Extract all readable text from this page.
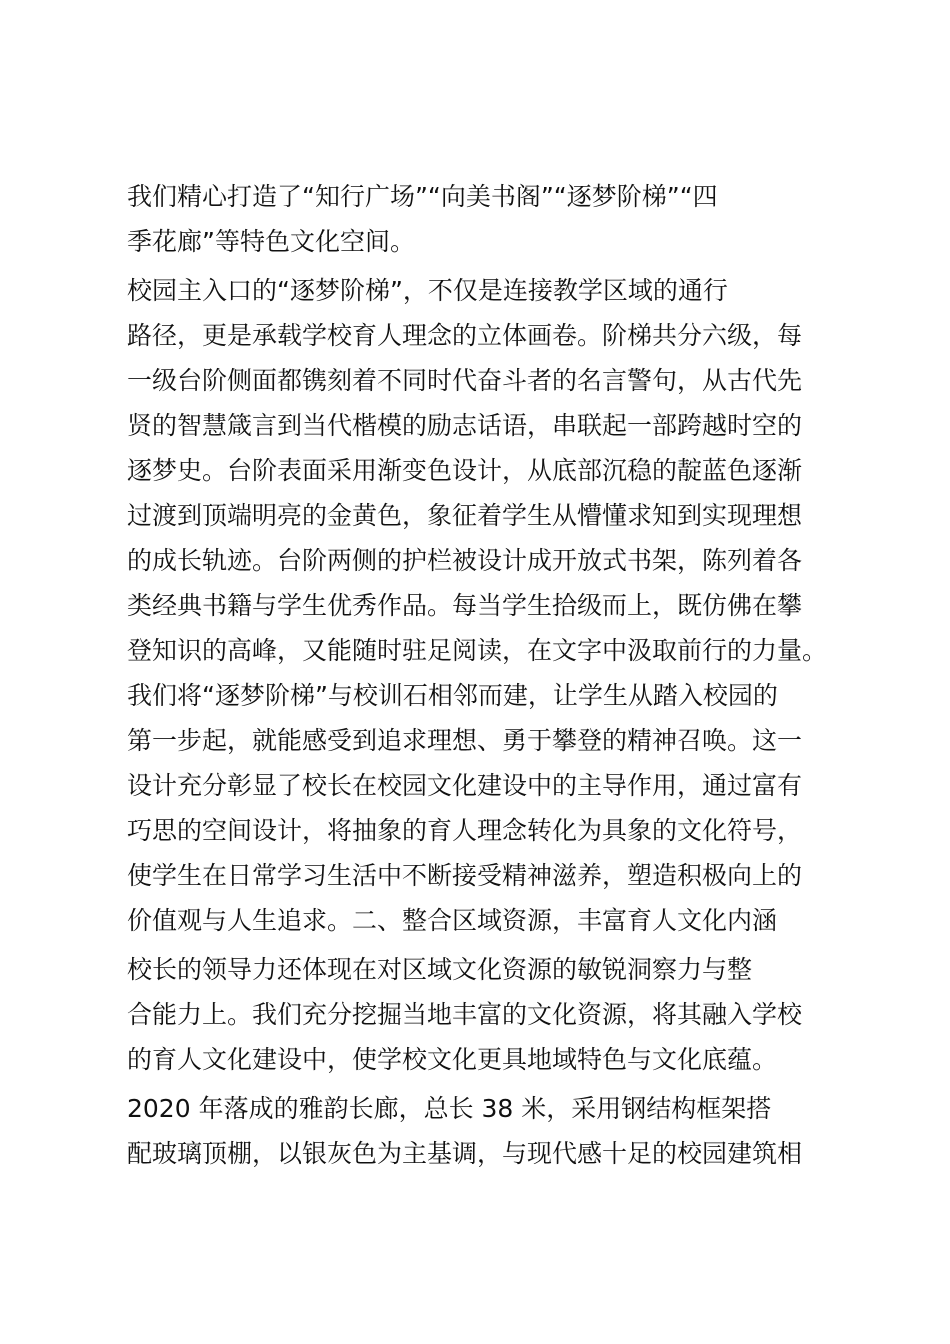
我们精心打造了“知行广场”“向美书阁”“逐梦阶梯”“四
季花廊”等特色文化空间。
校园主入口的“逐梦阶梯”，不仅是连接教学区域的通行
路径，更是承载学校育人理念的立体画卷。阶梯共分六级，每
一级台阶侧面都镌刻着不同时代奋斗者的名言警句，从古代先
贤的智慧箴言到当代楷模的励志话语，串联起一部跨越时空的
逐梦史。台阶表面采用渐变色设计，从底部沉稳的靛蓝色逐渐
过渡到顶端明亮的金黄色，象征着学生从懵懂求知到实现理想
的成长轨迹。台阶两侧的护栏被设计成开放式书架，陈列着各
类经典书籍与学生优秀作品。每当学生拾级而上，既仿佛在攀
登知识的高峰，又能随时驻足阅读，在文字中汲取前行的力量。
我们将“逐梦阶梯”与校训石相邻而建，让学生从踏入校园的
第一步起，就能感受到追求理想、勇于攀登的精神召唤。这一
设计充分彰显了校长在校园文化建设中的主导作用，通过富有
巧思的空间设计，将抽象的育人理念转化为具象的文化符号，
使学生在日常学习生活中不断接受精神滋养，塑造积极向上的
价值观与人生追求。二、整合区域资源，丰富育人文化内涵
校长的领导力还体现在对区域文化资源的敏锐洞察力与整
合能力上。我们充分挖掘当地丰富的文化资源，将其融入学校
的育人文化建设中，使学校文化更具地域特色与文化底蕴。
2020 年落成的雅韵长廊，总长 38 米，采用钢结构框架搭
配玻璃顶棚，以银灰色为主基调，与现代感十足的校园建筑相
